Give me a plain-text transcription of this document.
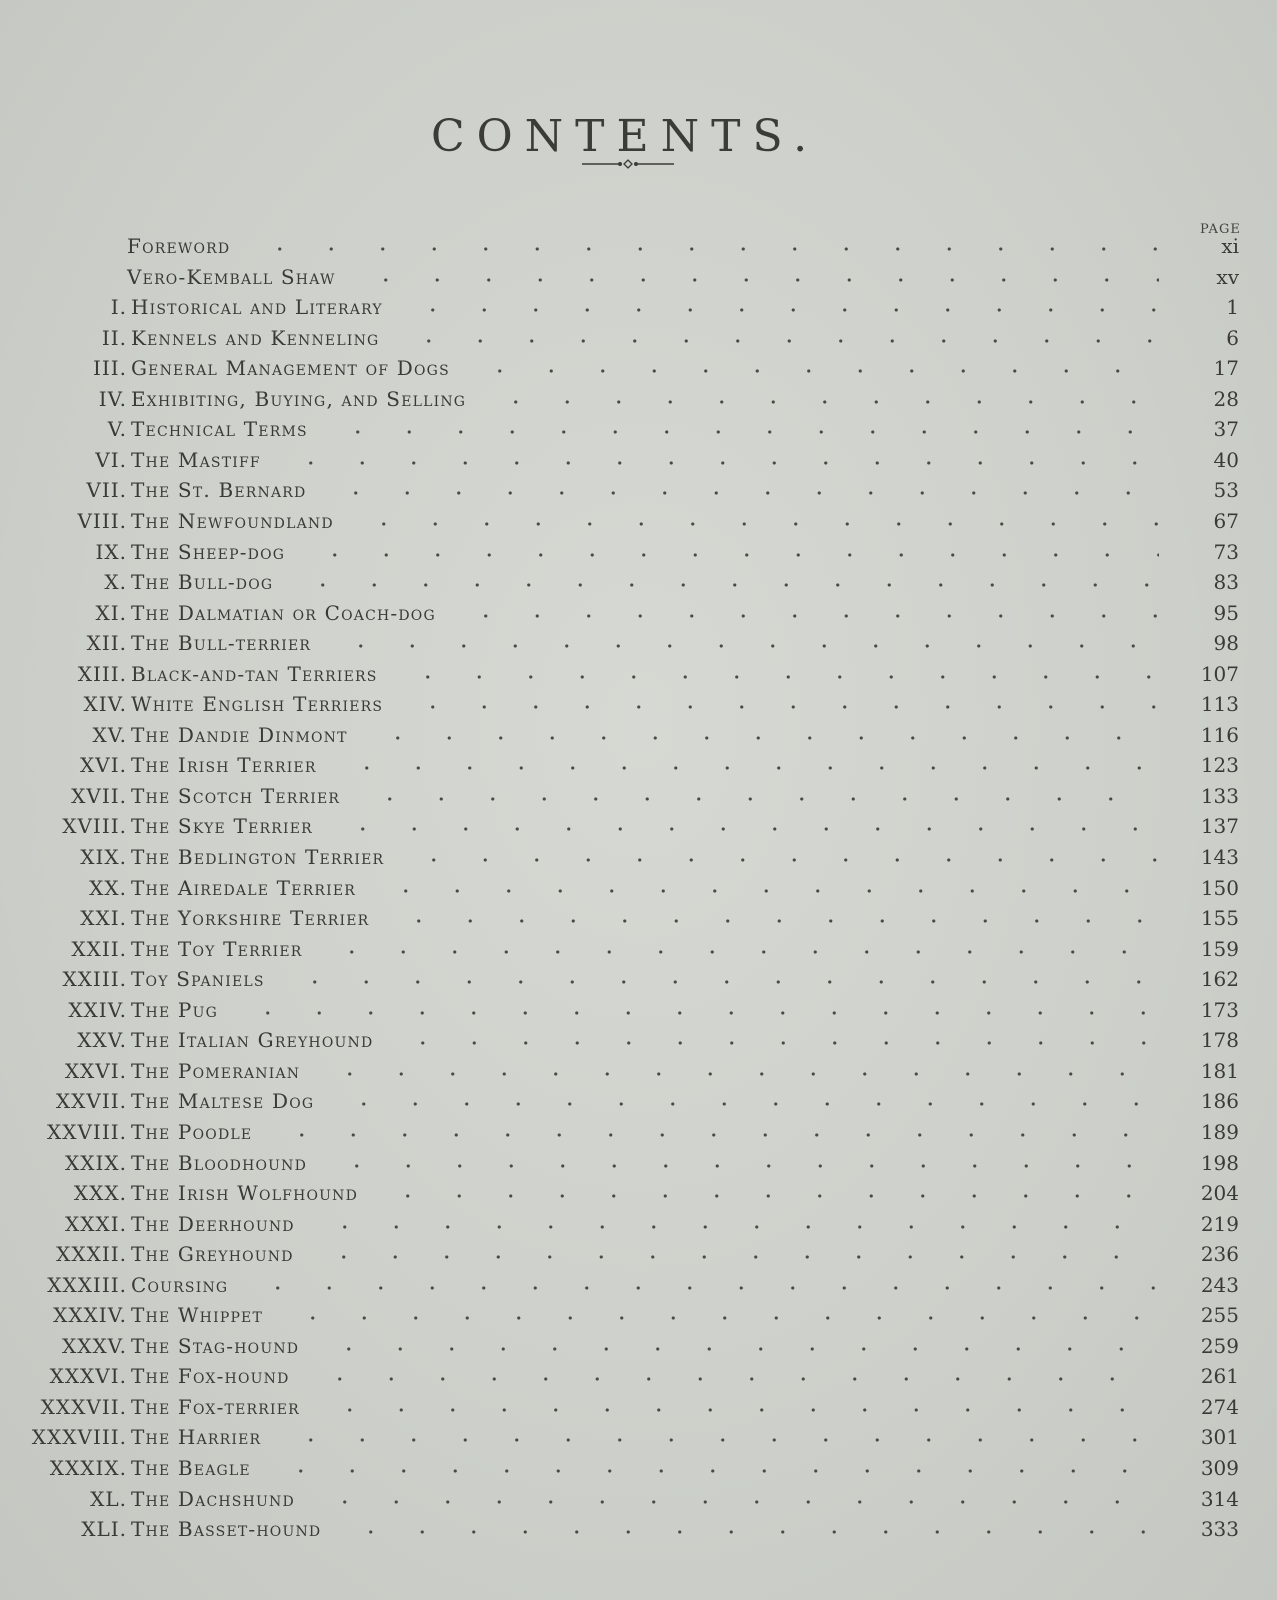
CONTENTS.
PAGE
Foreword	xi
Vero-Kemball Shaw	xv
I. Historical and Literary	1
II. Kennels and Kenneling	6
III. General Management of Dogs	17
IV. Exhibiting, Buying, and Selling	28
V. Technical Terms	37
VI. The Mastiff	40
VII. The St. Bernard	53
VIII. The Newfoundland	67
IX. The Sheep-dog	73
X. The Bull-dog	83
XI. The Dalmatian or Coach-dog	95
XII. The Bull-terrier	98
XIII. Black-and-tan Terriers	107
XIV. White English Terriers	113
XV. The Dandie Dinmont	116
XVI. The Irish Terrier	123
XVII. The Scotch Terrier	133
XVIII. The Skye Terrier	137
XIX. The Bedlington Terrier	143
XX. The Airedale Terrier	150
XXI. The Yorkshire Terrier	155
XXII. The Toy Terrier	159
XXIII. Toy Spaniels	162
XXIV. The Pug	173
XXV. The Italian Greyhound	178
XXVI. The Pomeranian	181
XXVII. The Maltese Dog	186
XXVIII. The Poodle	189
XXIX. The Bloodhound	198
XXX. The Irish Wolfhound	204
XXXI. The Deerhound	219
XXXII. The Greyhound	236
XXXIII. Coursing	243
XXXIV. The Whippet	255
XXXV. The Stag-hound	259
XXXVI. The Fox-hound	261
XXXVII. The Fox-terrier	274
XXXVIII. The Harrier	301
XXXIX. The Beagle	309
XL. The Dachshund	314
XLI. The Basset-hound	333
